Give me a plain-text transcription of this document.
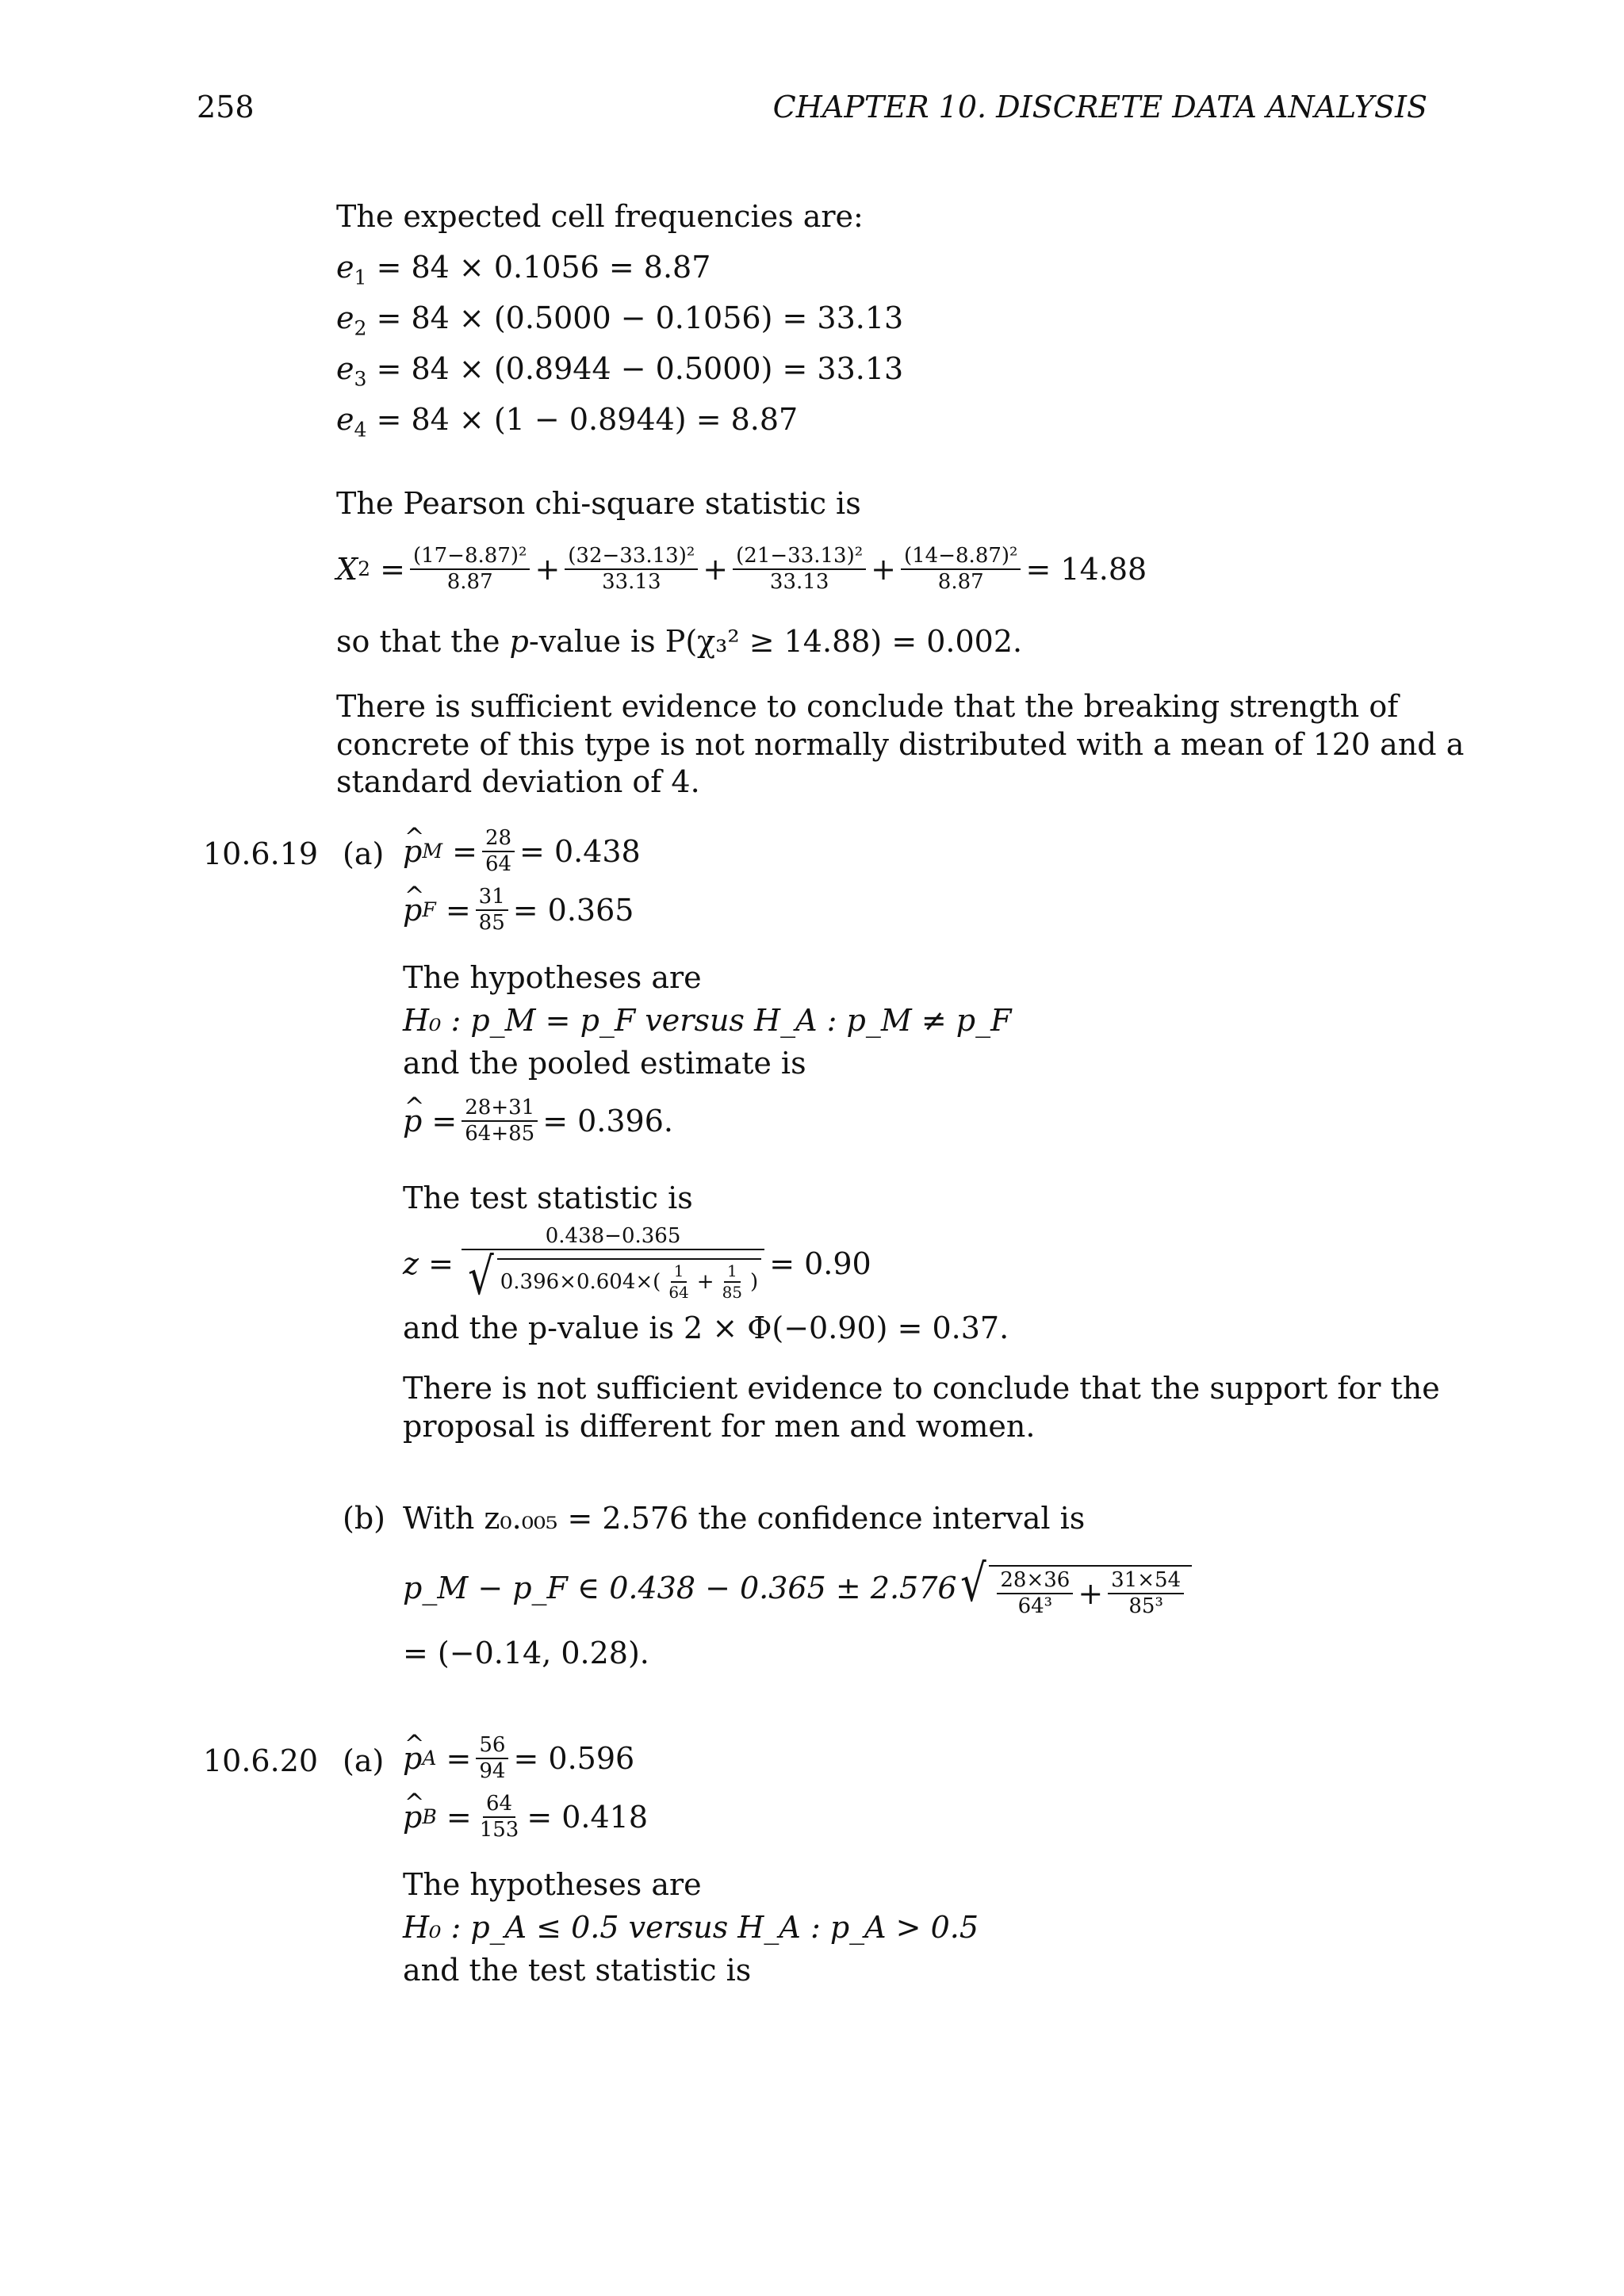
258	CHAPTER 10. DISCRETE DATA ANALYSIS
The expected cell frequencies are:
$e_1 = 84 \times 0.1056 = 8.87$
$e_2 = 84 \times (0.5000 - 0.1056) = 33.13$
$e_3 = 84 \times (0.8944 - 0.5000) = 33.13$
$e_4 = 84 \times (1 - 0.8944) = 8.87$
The Pearson chi-square statistic is
X $2 = \frac{\text{(17−8.87)²}}{8.87} + \frac{\text{(32−33.13)²}}{33.13} + \frac{\text{(21−33.13)²}}{33.13} + \frac{\text{(14−8.87)²}}{8.87} = 14.88$
so that the p-value is P(χ₃² ≥ 14.88) = 0.002.
There is sufficient evidence to conclude that the breaking strength of concrete of this type is not normally distributed with a mean of 120 and a standard deviation of 4.
10.6.19 (a) ^ p $M = \frac{28}{64} = 0.438$
^ p $F = \frac{31}{85} = 0.365$
The hypotheses are
H₀ : p_M = p_F versus H_A : p_M ≠ p_F
and the pooled estimate is
^ $p = \frac{28+31}{64+85} = 0.396$.
The test statistic is
$z = \frac{0.438-0.365}{√ 0.396\times 0.604\times ( \frac{1}{64} + \frac{1}{85} )} = 0.90$
and the p-value is 2 × Φ(−0.90) = 0.37.
There is not sufficient evidence to conclude that the support for the proposal is different for men and women.
(b) With z₀.₀₀₅ = 2.576 the confidence interval is
p_M − p_F ∈ 0.438 − 0.365 ± 2.576 √ $\frac{28\times 36}{\text{64³}} + \frac{31\times 54}{\text{85³}}$
= (−0.14, 0.28).
10.6.20 (a) ^ p $A = \frac{56}{94} = 0.596$
^ p $B = \frac{64}{153} = 0.418$
The hypotheses are
H₀ : p_A ≤ 0.5 versus H_A : p_A > 0.5
and the test statistic is
